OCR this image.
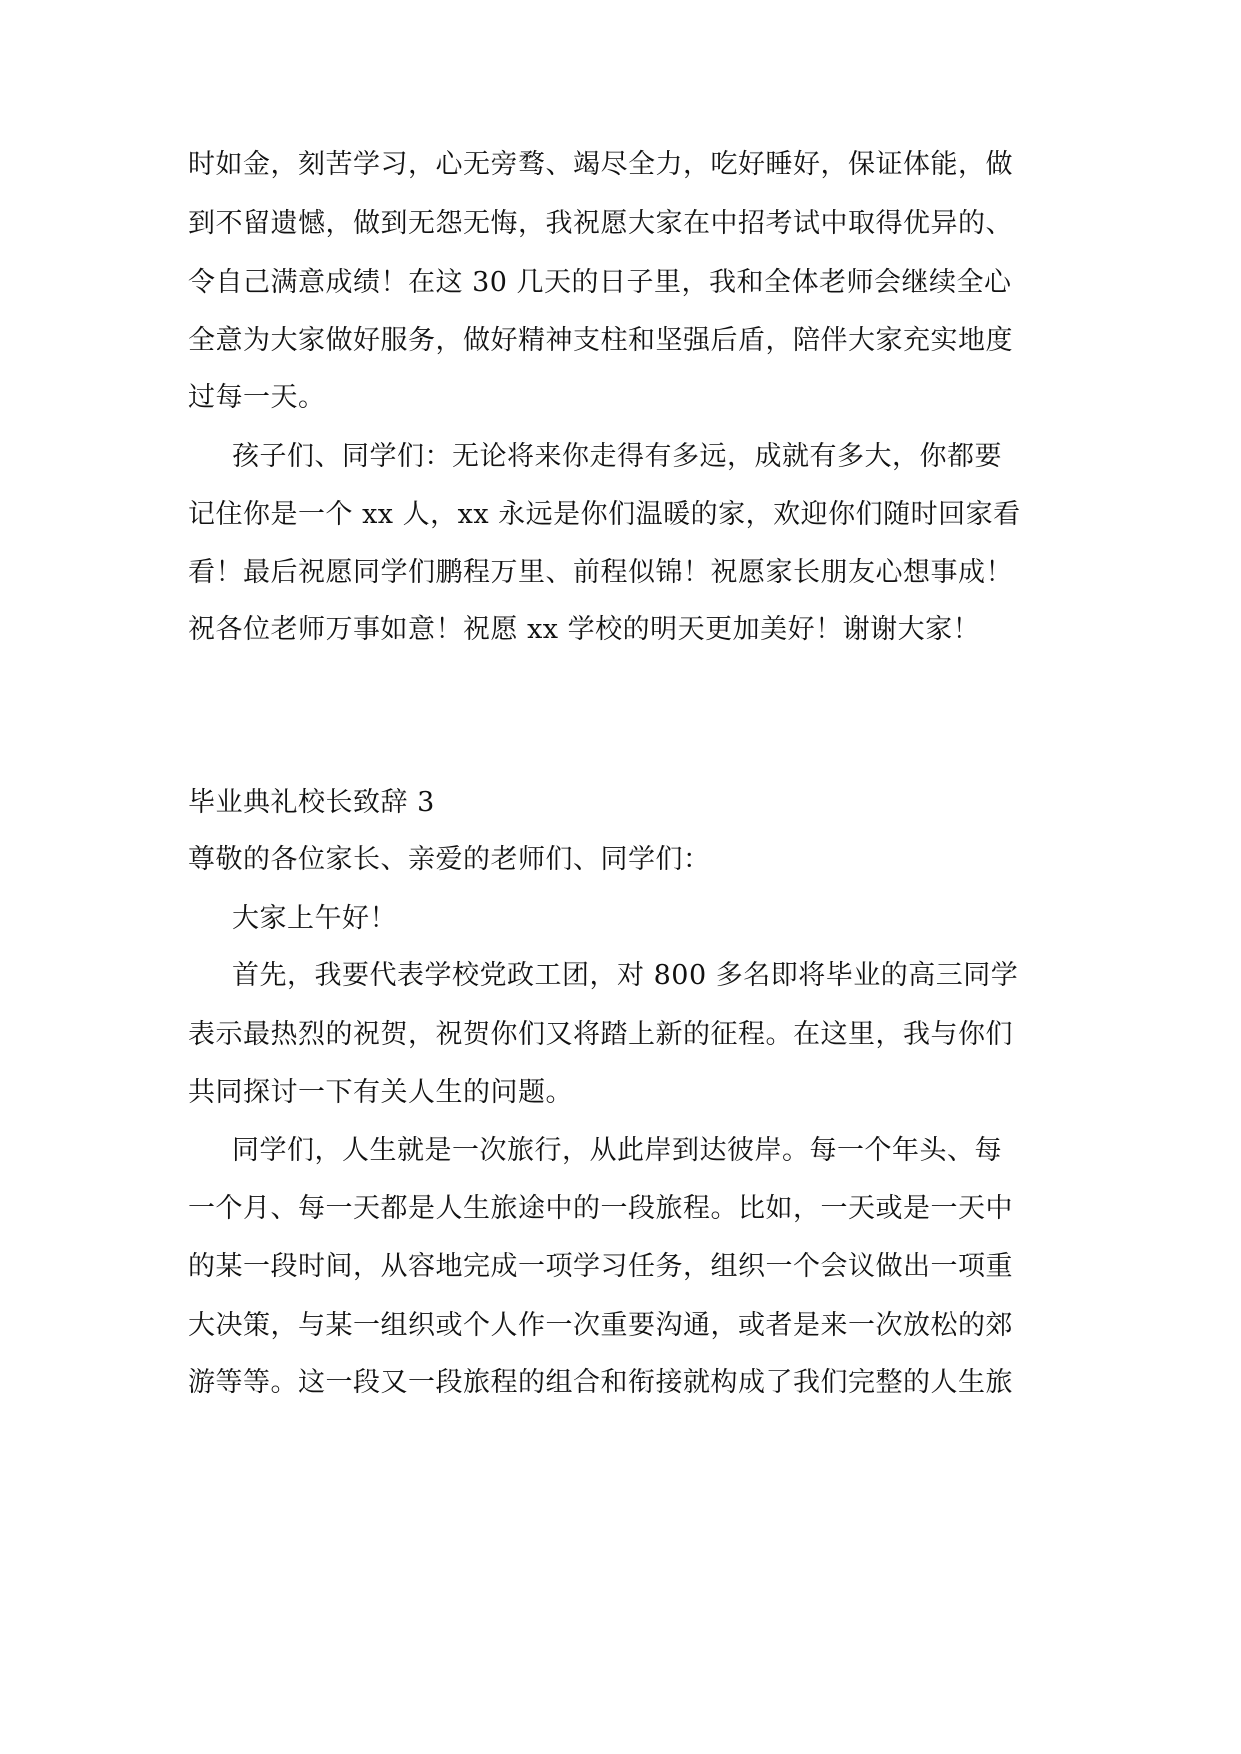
时如金，刻苦学习，心无旁骛、竭尽全力，吃好睡好，保证体能，做
到不留遗憾，做到无怨无悔，我祝愿大家在中招考试中取得优异的、
令自己满意成绩！在这 30 几天的日子里，我和全体老师会继续全心
全意为大家做好服务，做好精神支柱和坚强后盾，陪伴大家充实地度
过每一天。
孩子们、同学们：无论将来你走得有多远，成就有多大，你都要
记住你是一个 xx 人，xx 永远是你们温暖的家，欢迎你们随时回家看
看！最后祝愿同学们鹏程万里、前程似锦！祝愿家长朋友心想事成！
祝各位老师万事如意！祝愿 xx 学校的明天更加美好！谢谢大家！
毕业典礼校长致辞 3
尊敬的各位家长、亲爱的老师们、同学们：
大家上午好！
首先，我要代表学校党政工团，对 800 多名即将毕业的高三同学
表示最热烈的祝贺，祝贺你们又将踏上新的征程。在这里，我与你们
共同探讨一下有关人生的问题。
同学们，人生就是一次旅行，从此岸到达彼岸。每一个年头、每
一个月、每一天都是人生旅途中的一段旅程。比如，一天或是一天中
的某一段时间，从容地完成一项学习任务，组织一个会议做出一项重
大决策，与某一组织或个人作一次重要沟通，或者是来一次放松的郊
游等等。这一段又一段旅程的组合和衔接就构成了我们完整的人生旅
